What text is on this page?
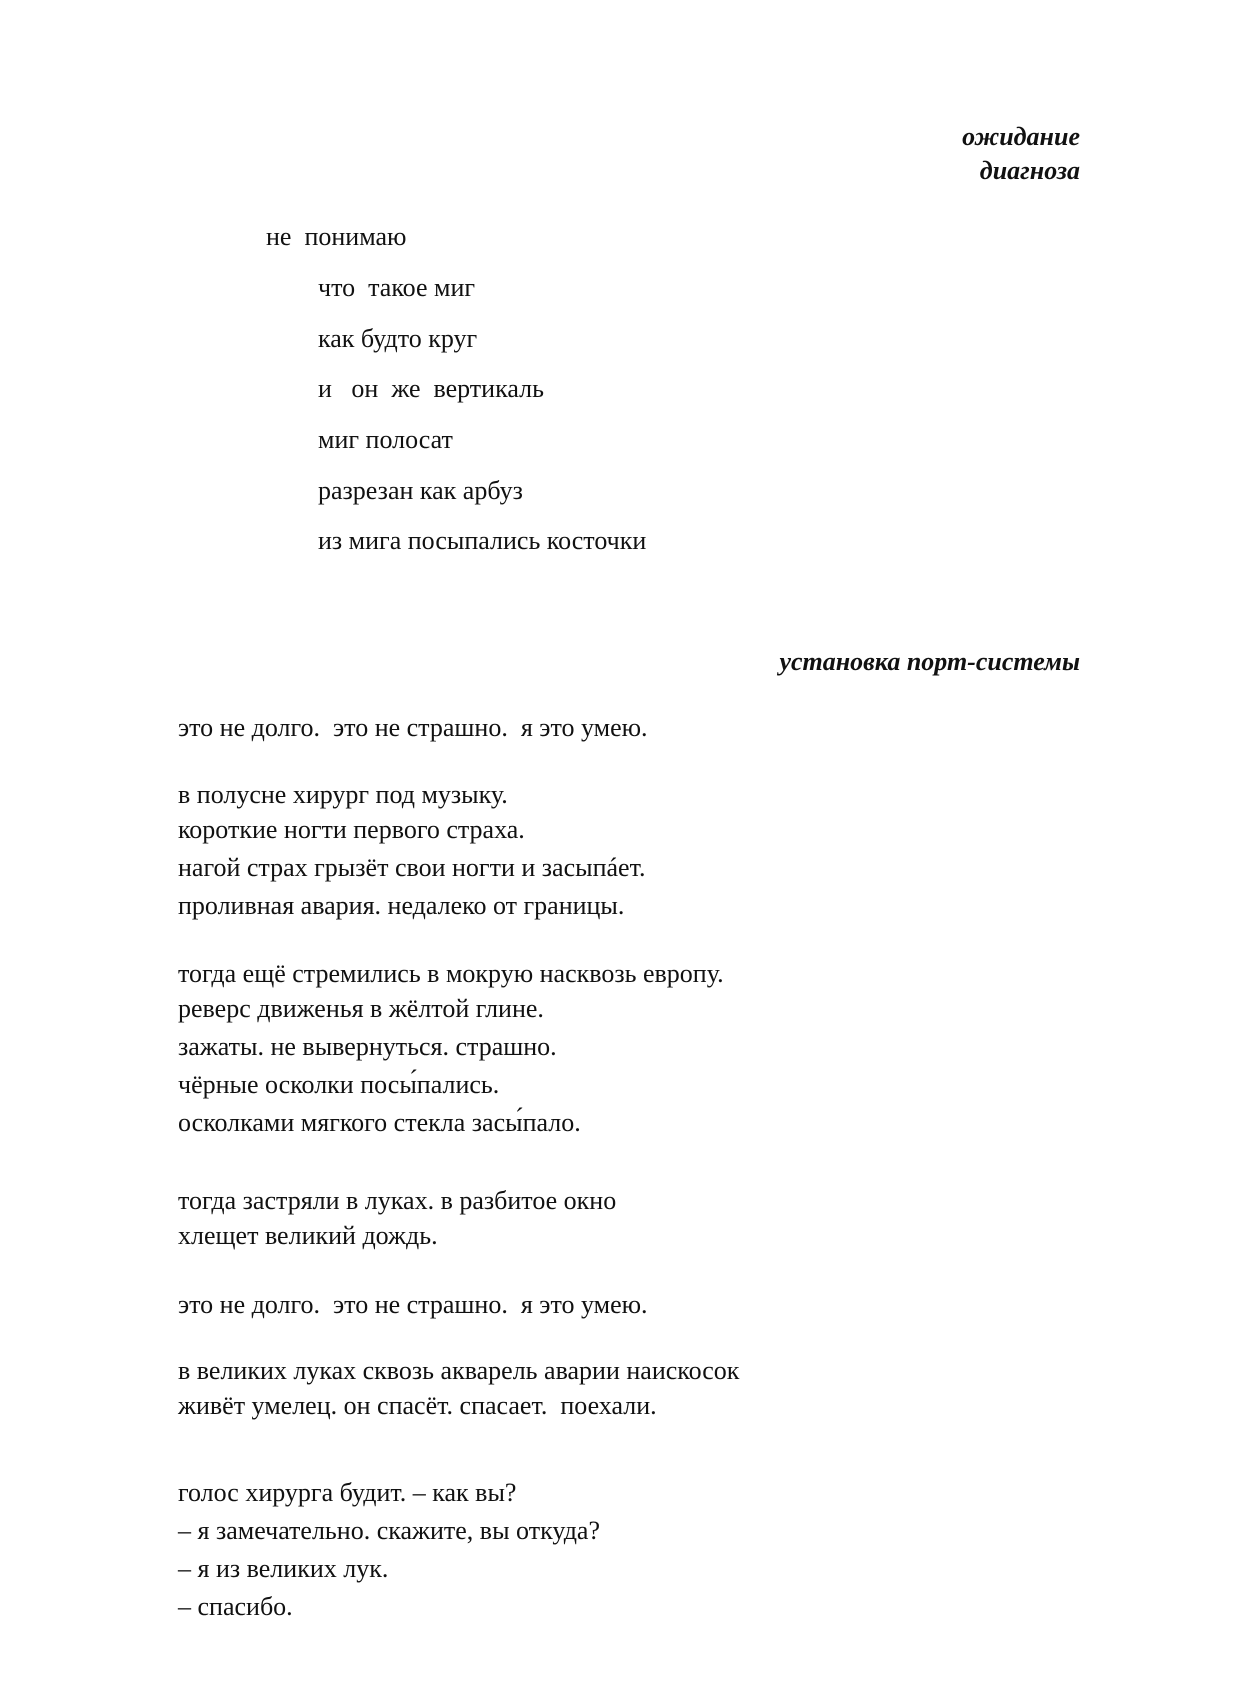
ожидание
диагноза
не  понимаю
что  такое миг
как будто круг
и   он  же  вертикаль
миг полосат
разрезан как арбуз
из мига посыпались косточки
установка порт-системы
это не долго.  это не страшно.  я это умею.
в полусне хирург под музыку.
короткие ногти первого страха.
нагой страх грызёт свои ногти и засыпáет.
проливная авария. недалеко от границы.
тогда ещё стремились в мокрую насквозь европу.
реверс движенья в жёлтой глине.
зажаты. не вывернуться. страшно.
чёрные осколки посы́пались.
осколками мягкого стекла засы́пало.
тогда застряли в луках. в разбитое окно
хлещет великий дождь.
это не долго.  это не страшно.  я это умею.
в великих луках сквозь акварель аварии наискосок
живёт умелец. он спасёт. спасает.  поехали.
голос хирурга будит. – как вы?
– я замечательно. скажите, вы откуда?
– я из великих лук.
– спасибо.
